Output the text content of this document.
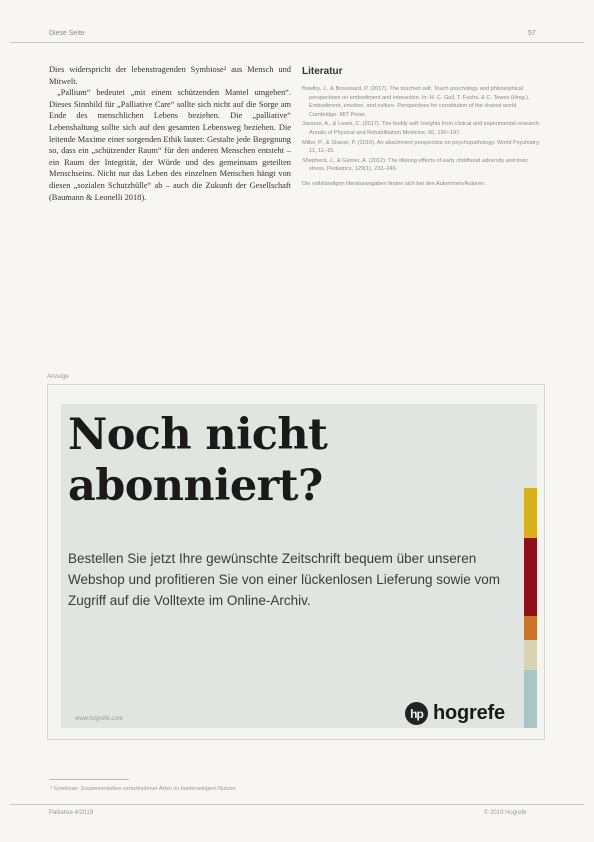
Diese Seite	57

Dies widerspricht der lebenstragenden Symbiose² aus Mensch und Mitwelt.

„Pallium“ bedeutet „mit einem schützenden Mantel umgeben“. Dieses Sinnbild für „Palliative Care“ sollte sich nicht auf die Sorge am Ende des menschlichen Lebens beziehen. Die „palliative“ Lebenshaltung sollte sich auf den gesamten Lebensweg beziehen. Die leitende Maxime einer sorgenden Ethik lautet: Gestalte jede Begegnung so, dass ein „schützender Raum“ für den anderen Menschen entsteht – ein Raum der Integrität, der Würde und des gemeinsam geteilten Menschseins. Nicht nur das Leben des einzelnen Menschen hängt von diesen „sozialen Schutzhülle“ ab – auch die Zukunft der Gesellschaft (Baumann & Leonelli 2018).

Literatur
Bowlby, J., & Broussard, P. (2017). The touched self. Touch psychology and philosophical perspectives on embodiment and interaction. In: H. C. Gull, T. Fuchs, & C. Tewes (Hrsg.), Embodiment, emotion, and culture. Perspectives for constitution of the shared world. Cambridge: MIT Press.
Jassure, A., & Lewis, C. (2017). The bodily self: Insights from clinical and experimental research. Annals of Physical and Rehabilitation Medicine, 60, 190–197.
Miller, P., & Shaver, P. (2016). An attachment perspective on psychopathology. World Psychiatry, 11, 11–15.
Shepherd, J., & Garner, A. (2012). The lifelong effects of early childhood adversity and toxic stress. Pediatrics, 129(1), 232–246.
Die vollständigen literaturangaben finden sich bei den Autorinnen/Autoren.
Anzeige
Noch nicht
abonniert?
Bestellen Sie jetzt Ihre gewünschte Zeitschrift bequem über unseren Webshop und profitieren Sie von einer lückenlosen Lieferung sowie vom Zugriff auf die Volltexte im Online-Archiv.
www.hogrefe.com	hp hogrefe
² Symbiose: Zusammenleben verschiedener Arten zu beiderseitigem Nutzen
Palliative 4/2019	© 2019 Hogrefe
